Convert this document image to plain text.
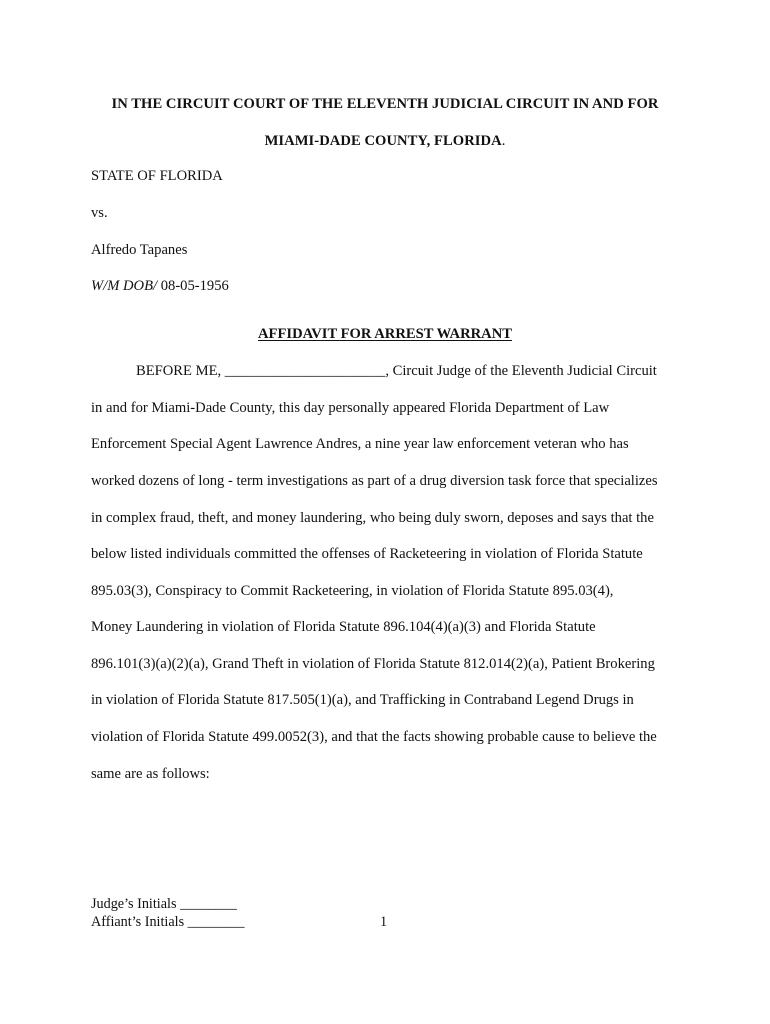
IN THE CIRCUIT COURT OF THE ELEVENTH JUDICIAL CIRCUIT IN AND FOR
MIAMI-DADE COUNTY, FLORIDA.
STATE OF FLORIDA
vs.
Alfredo Tapanes
W/M DOB/ 08-05-1956
AFFIDAVIT FOR ARREST WARRANT
BEFORE ME, ______________________, Circuit Judge of the Eleventh Judicial Circuit
in and for Miami-Dade County, this day personally appeared Florida Department of Law
Enforcement Special Agent Lawrence Andres, a nine year law enforcement veteran who has
worked dozens of long - term investigations as part of a drug diversion task force that specializes
in complex fraud, theft, and money laundering, who being duly sworn, deposes and says that the
below listed individuals committed the offenses of Racketeering in violation of Florida Statute
895.03(3), Conspiracy to Commit Racketeering, in violation of Florida Statute 895.03(4),
Money Laundering in violation of Florida Statute 896.104(4)(a)(3) and Florida Statute
896.101(3)(a)(2)(a), Grand Theft in violation of Florida Statute 812.014(2)(a), Patient Brokering
in violation of Florida Statute 817.505(1)(a), and Trafficking in Contraband Legend Drugs in
violation of Florida Statute 499.0052(3), and that the facts showing probable cause to believe the
same are as follows:
Judge’s Initials ________
Affiant’s Initials ________	1
